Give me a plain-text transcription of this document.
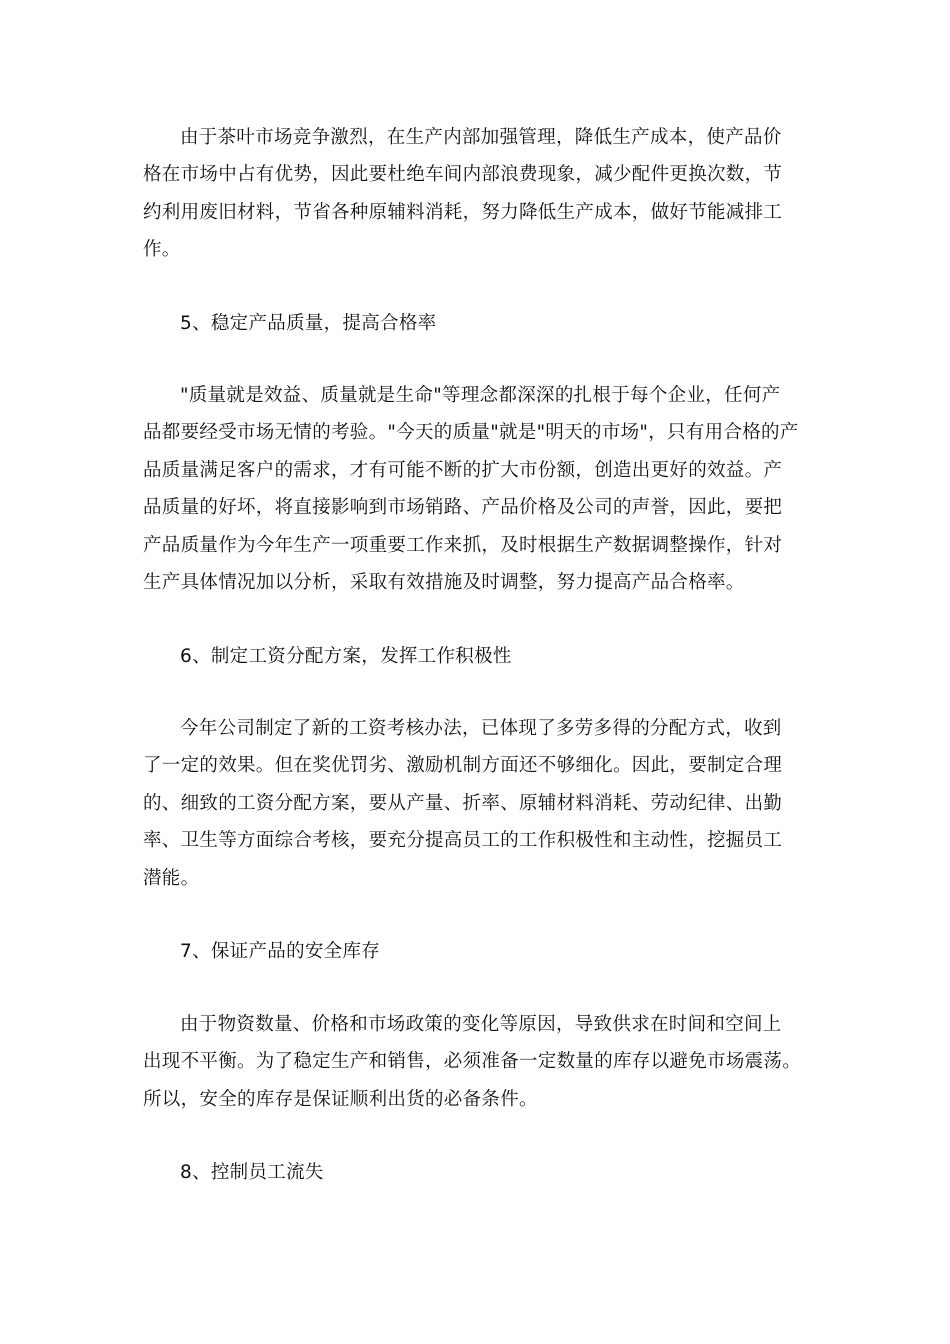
由于茶叶市场竞争激烈，在生产内部加强管理，降低生产成本，使产品价
格在市场中占有优势，因此要杜绝车间内部浪费现象，减少配件更换次数，节
约利用废旧材料，节省各种原辅料消耗，努力降低生产成本，做好节能减排工
作。
5、稳定产品质量，提高合格率
"质量就是效益、质量就是生命"等理念都深深的扎根于每个企业，任何产
品都要经受市场无情的考验。"今天的质量"就是"明天的市场"，只有用合格的产
品质量满足客户的需求，才有可能不断的扩大市份额，创造出更好的效益。产
品质量的好坏，将直接影响到市场销路、产品价格及公司的声誉，因此，要把
产品质量作为今年生产一项重要工作来抓，及时根据生产数据调整操作，针对
生产具体情况加以分析，采取有效措施及时调整，努力提高产品合格率。
6、制定工资分配方案，发挥工作积极性
今年公司制定了新的工资考核办法，已体现了多劳多得的分配方式，收到
了一定的效果。但在奖优罚劣、激励机制方面还不够细化。因此，要制定合理
的、细致的工资分配方案，要从产量、折率、原辅材料消耗、劳动纪律、出勤
率、卫生等方面综合考核，要充分提高员工的工作积极性和主动性，挖掘员工
潜能。
7、保证产品的安全库存
由于物资数量、价格和市场政策的变化等原因，导致供求在时间和空间上
出现不平衡。为了稳定生产和销售，必须准备一定数量的库存以避免市场震荡。
所以，安全的库存是保证顺利出货的必备条件。
8、控制员工流失
